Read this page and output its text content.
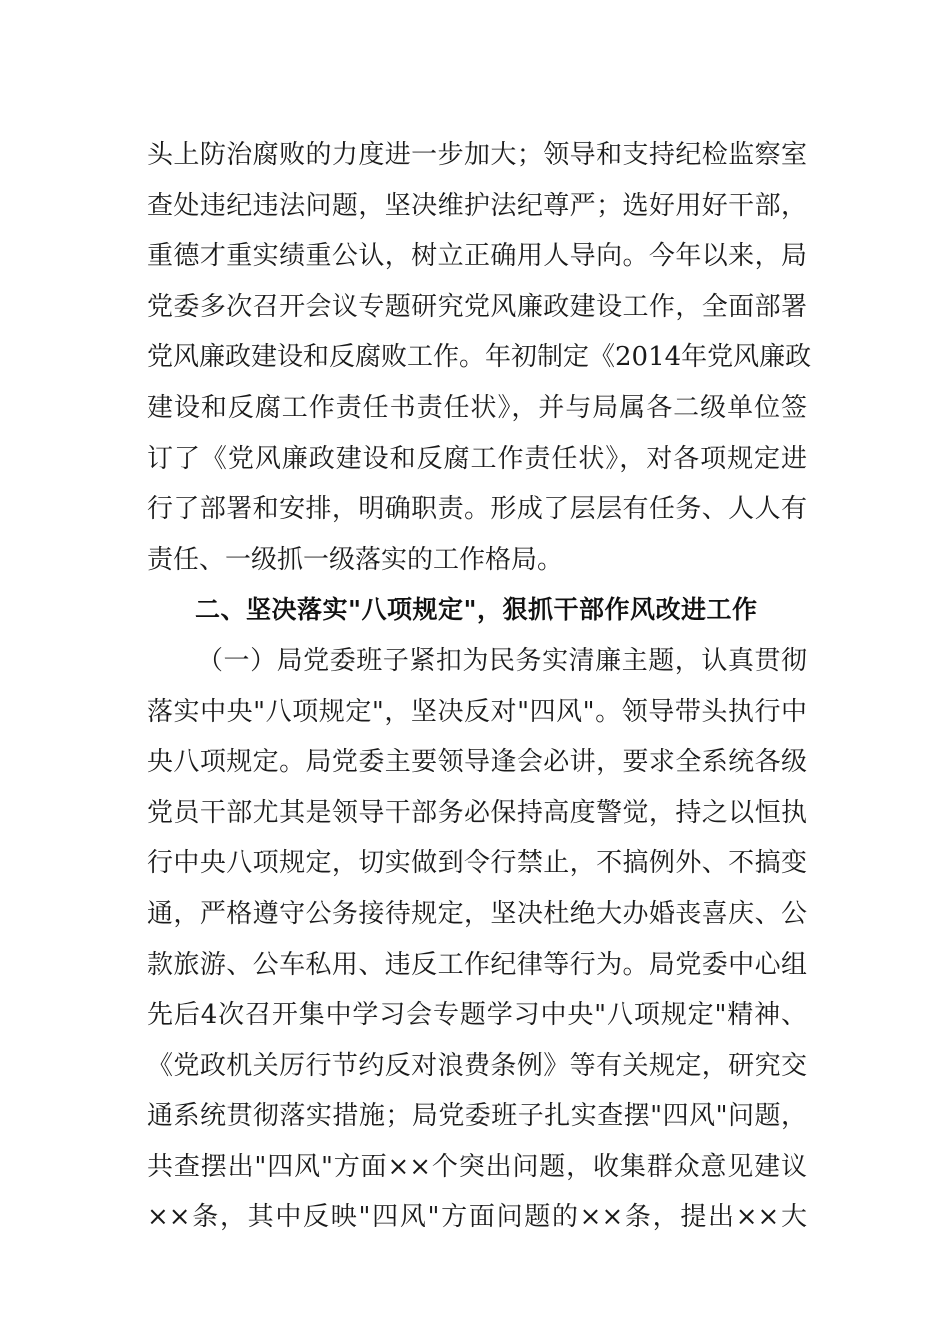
头上防治腐败的力度进一步加大；领导和支持纪检监察室
查处违纪违法问题，坚决维护法纪尊严；选好用好干部，
重德才重实绩重公认，树立正确用人导向。今年以来，局
党委多次召开会议专题研究党风廉政建设工作，全面部署
党风廉政建设和反腐败工作。年初制定《2014年党风廉政
建设和反腐工作责任书责任状》，并与局属各二级单位签
订了《党风廉政建设和反腐工作责任状》，对各项规定进
行了部署和安排，明确职责。形成了层层有任务、人人有
责任、一级抓一级落实的工作格局。
二、坚决落实"八项规定"，狠抓干部作风改进工作
（一）局党委班子紧扣为民务实清廉主题，认真贯彻
落实中央"八项规定"，坚决反对"四风"。领导带头执行中
央八项规定。局党委主要领导逢会必讲，要求全系统各级
党员干部尤其是领导干部务必保持高度警觉，持之以恒执
行中央八项规定，切实做到令行禁止，不搞例外、不搞变
通，严格遵守公务接待规定，坚决杜绝大办婚丧喜庆、公
款旅游、公车私用、违反工作纪律等行为。局党委中心组
先后4次召开集中学习会专题学习中央"八项规定"精神、
《党政机关厉行节约反对浪费条例》等有关规定，研究交
通系统贯彻落实措施；局党委班子扎实查摆"四风"问题，
共查摆出"四风"方面××个突出问题，收集群众意见建议
××条，其中反映"四风"方面问题的××条，提出××大
